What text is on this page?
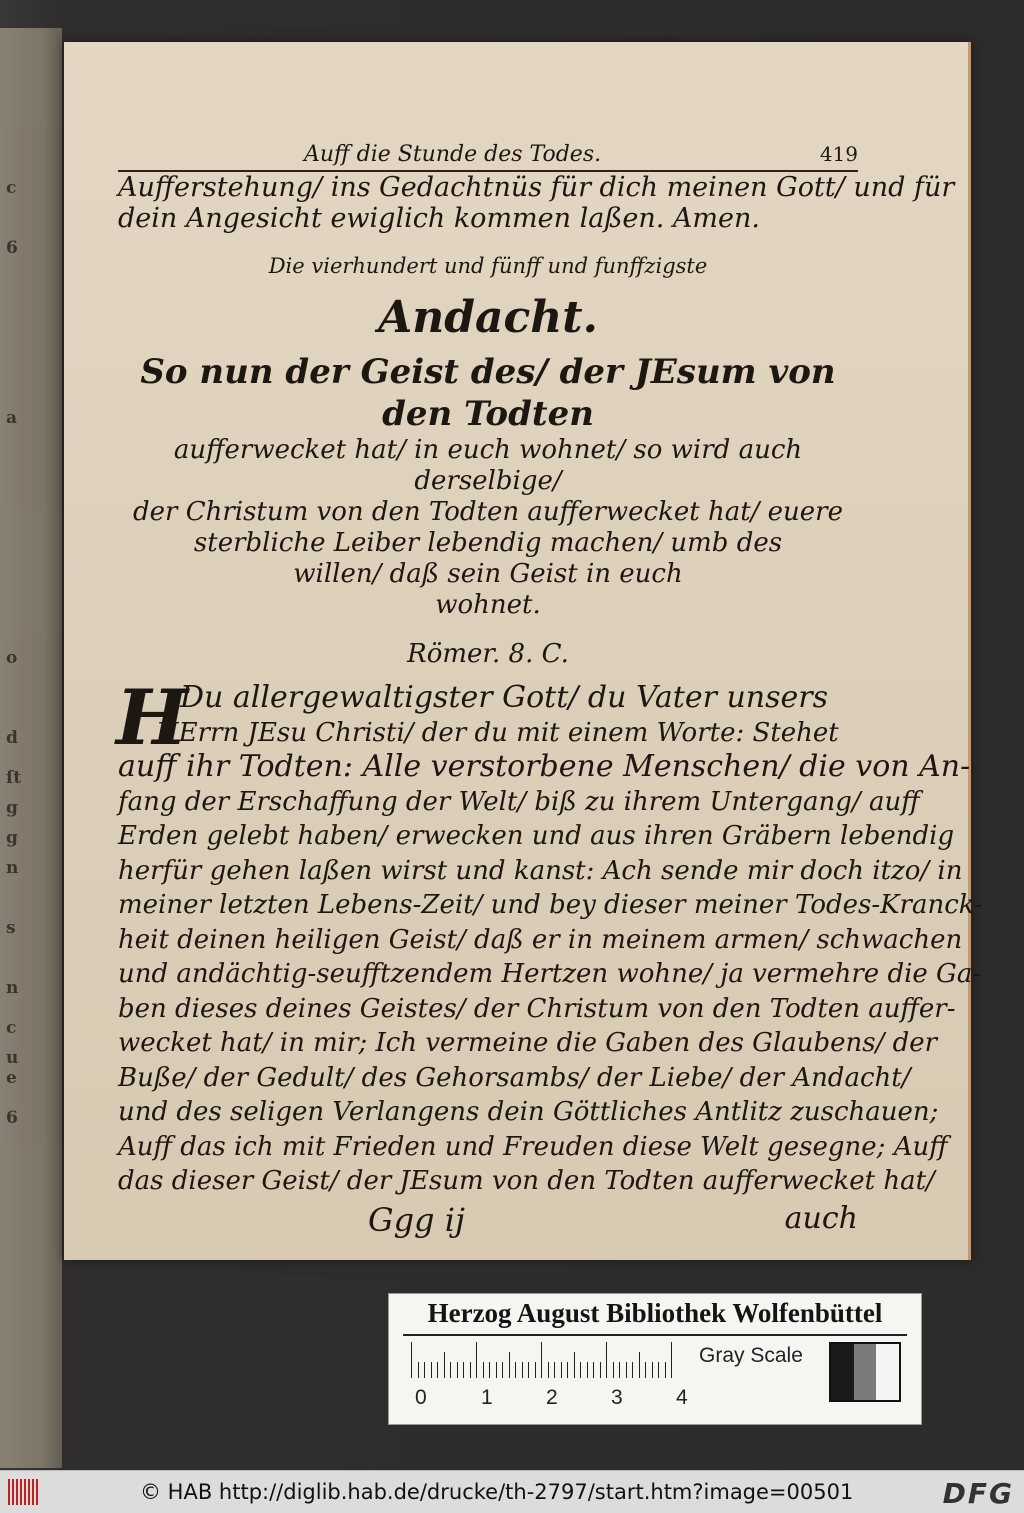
c
6
a
o
d
ſt
g
g
n
s
n
c
u
e
6
Auff die Stunde des Todes.	419
Aufferstehung/ ins Gedachtnüs für dich meinen Gott/ und für
dein Angesicht ewiglich kommen laßen. Amen.
Die vierhundert und fünff und funffzigste
Andacht.
So nun der Geist des/ der JEsum von den Todten
aufferwecket hat/ in euch wohnet/ so wird auch derselbige/
der Christum von den Todten aufferwecket hat/ euere
sterbliche Leiber lebendig machen/ umb des
willen/ daß sein Geist in euch
wohnet.
Römer. 8. C.
H
Du allergewaltigster Gott/ du Vater unsers
HErrn JEsu Christi/ der du mit einem Worte: Stehet
auff ihr Todten: Alle verstorbene Menschen/ die von An-
fang der Erschaffung der Welt/ biß zu ihrem Untergang/ auff
Erden gelebt haben/ erwecken und aus ihren Gräbern lebendig
herfür gehen laßen wirst und kanst: Ach sende mir doch itzo/ in
meiner letzten Lebens-Zeit/ und bey dieser meiner Todes-Kranck-
heit deinen heiligen Geist/ daß er in meinem armen/ schwachen
und andächtig-seufftzendem Hertzen wohne/ ja vermehre die Ga-
ben dieses deines Geistes/ der Christum von den Todten auffer-
wecket hat/ in mir; Ich vermeine die Gaben des Glaubens/ der
Buße/ der Gedult/ des Gehorsambs/ der Liebe/ der Andacht/
und des seligen Verlangens dein Göttliches Antlitz zuschauen;
Auff das ich mit Frieden und Freuden diese Welt gesegne; Auff
das dieser Geist/ der JEsum von den Todten aufferwecket hat/
Ggg ij	auch
Herzog August Bibliothek Wolfenbüttel
0	1	2	3	4
Gray Scale
© HAB http://diglib.hab.de/drucke/th-2797/start.htm?image=00501	DFG
